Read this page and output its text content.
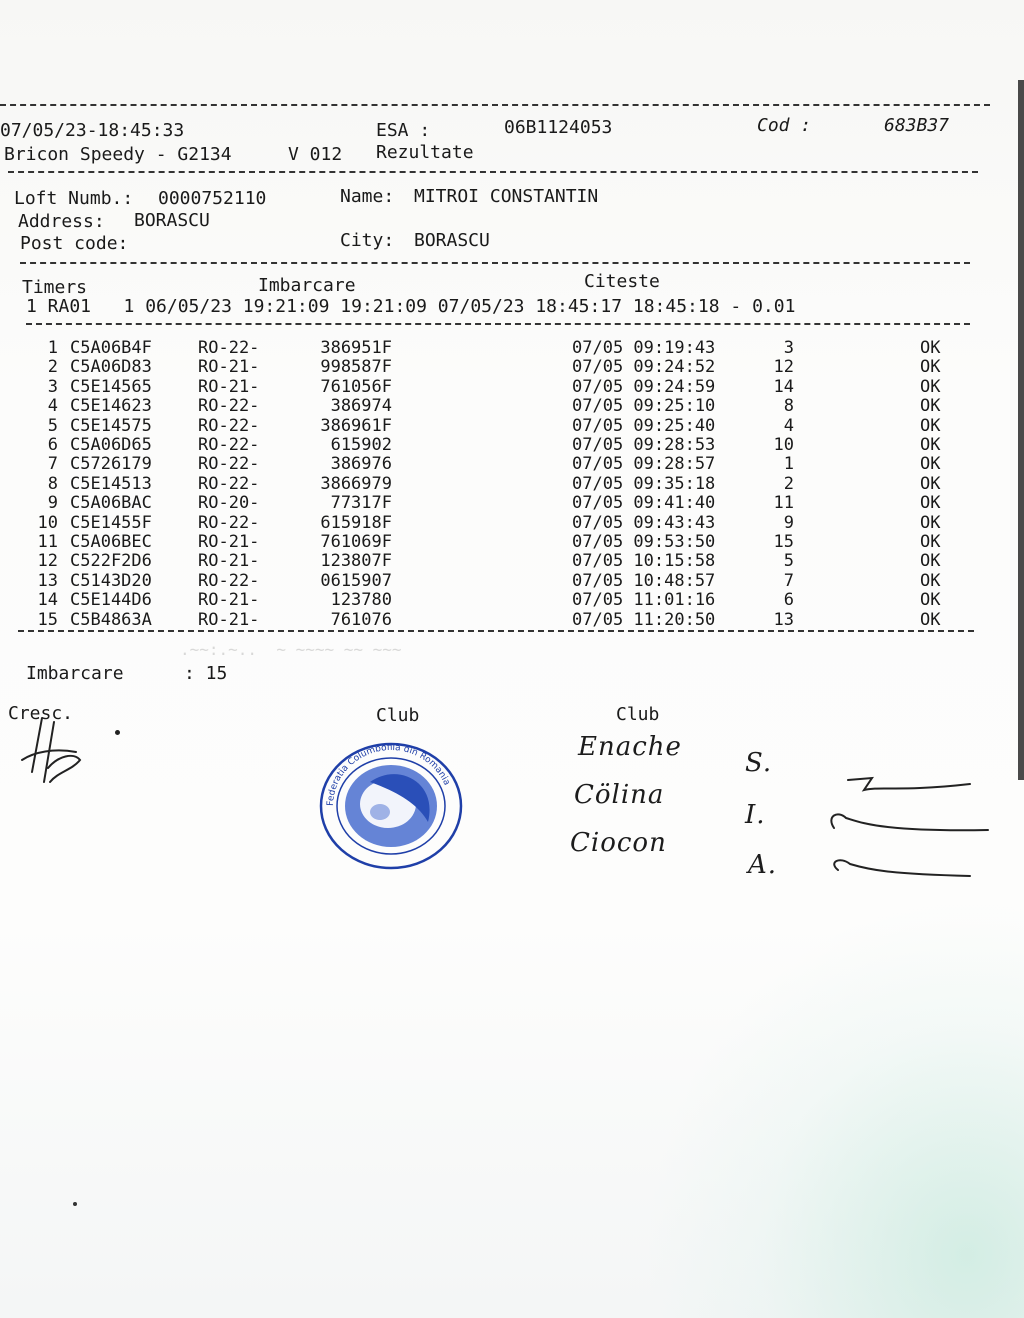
07/05/23-18:45:33	ESA :	06B1124053	Cod :	683B37
Bricon Speedy - G2134	V 012 Rezultate
Loft Numb.: 0000752110	Name: MITROI CONSTANTIN
Address: BORASCU
Post code:	City: BORASCU
Timers	Imbarcare	Citeste
1 RA01   1 06/05/23 19:21:09 19:21:09 07/05/23 18:45:17 18:45:18 - 0.01
1 C5A06B4F	RO-22-	386951F	07/05 09:19:43	3	OK
2 C5A06D83	RO-21-	998587F	07/05 09:24:52	12	OK
3 C5E14565	RO-21-	761056F	07/05 09:24:59	14	OK
4 C5E14623	RO-22-	386974	07/05 09:25:10	8	OK
5 C5E14575	RO-22-	386961F	07/05 09:25:40	4	OK
6 C5A06D65	RO-22-	615902	07/05 09:28:53	10	OK
7 C5726179	RO-22-	386976	07/05 09:28:57	1	OK
8 C5E14513	RO-22-	3866979	07/05 09:35:18	2	OK
9 C5A06BAC	RO-20-	77317F	07/05 09:41:40	11	OK
10 C5E1455F	RO-22-	615918F	07/05 09:43:43	9	OK
11 C5A06BEC	RO-21-	761069F	07/05 09:53:50	15	OK
12 C522F2D6	RO-21-	123807F	07/05 10:15:58	5	OK
13 C5143D20	RO-22-	0615907	07/05 10:48:57	7	OK
14 C5E144D6	RO-21-	123780	07/05 11:01:16	6	OK
15 C5B4863A	RO-21-	761076	07/05 11:20:50	13	OK
.~~:.~..  ~ ~~~~ ~~ ~~~
Imbarcare	: 15
Cresc.	Club	Club
Federatia Columbofila din Romania
Enache
S.
Cölina
I.
Ciocon
A.
